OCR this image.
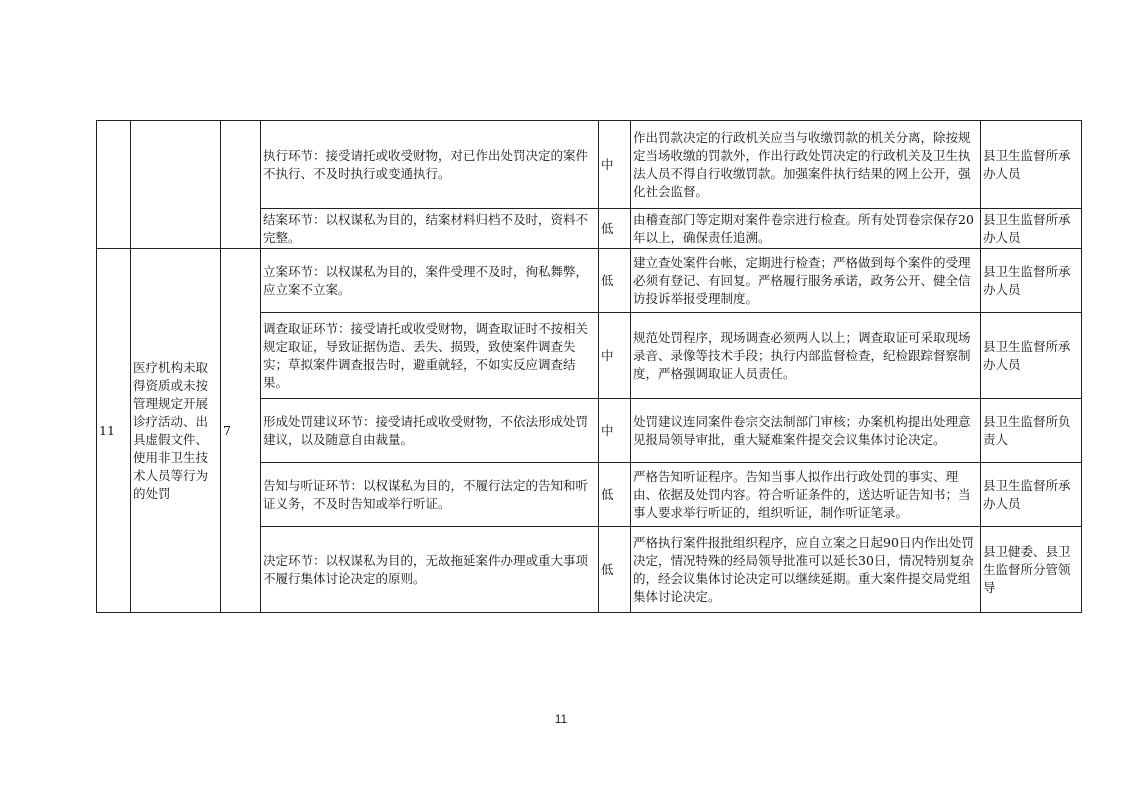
			执行环节：接受请托或收受财物，对已作出处罚决定的案件不执行、不及时执行或变通执行。	中	作出罚款决定的行政机关应当与收缴罚款的机关分离，除按规定当场收缴的罚款外，作出行政处罚决定的行政机关及卫生执法人员不得自行收缴罚款。加强案件执行结果的网上公开，强化社会监督。	县卫生监督所承办人员
			结案环节：以权谋私为目的，结案材料归档不及时，资料不完整。	低	由稽查部门等定期对案件卷宗进行检查。所有处罚卷宗保存20年以上，确保责任追溯。	县卫生监督所承办人员
11	医疗机构未取得资质或未按管理规定开展诊疗活动、出具虚假文件、使用非卫生技术人员等行为的处罚	7	立案环节：以权谋私为目的，案件受理不及时，徇私舞弊，应立案不立案。	低	建立查处案件台帐，定期进行检查；严格做到每个案件的受理必须有登记、有回复。严格履行服务承诺，政务公开、健全信访投诉举报受理制度。	县卫生监督所承办人员
			调查取证环节：接受请托或收受财物，调查取证时不按相关规定取证，导致证据伪造、丢失、损毁，致使案件调查失实；草拟案件调查报告时，避重就轻，不如实反应调查结果。	中	规范处罚程序，现场调查必须两人以上；调查取证可采取现场录音、录像等技术手段；执行内部监督检查，纪检跟踪督察制度，严格强调取证人员责任。	县卫生监督所承办人员
			形成处罚建议环节：接受请托或收受财物，不依法形成处罚建议，以及随意自由裁量。	中	处罚建议连同案件卷宗交法制部门审核；办案机构提出处理意见报局领导审批，重大疑难案件提交会议集体讨论决定。	县卫生监督所负责人
			告知与听证环节：以权谋私为目的，不履行法定的告知和听证义务，不及时告知或举行听证。	低	严格告知听证程序。告知当事人拟作出行政处罚的事实、理由、依据及处罚内容。符合听证条件的，送达听证告知书；当事人要求举行听证的，组织听证，制作听证笔录。	县卫生监督所承办人员
			决定环节：以权谋私为目的，无故拖延案件办理或重大事项不履行集体讨论决定的原则。	低	严格执行案件报批组织程序，应自立案之日起90日内作出处罚决定，情况特殊的经局领导批准可以延长30日，情况特别复杂的，经会议集体讨论决定可以继续延期。重大案件提交局党组集体讨论决定。	县卫健委、县卫生监督所分管领导
11
